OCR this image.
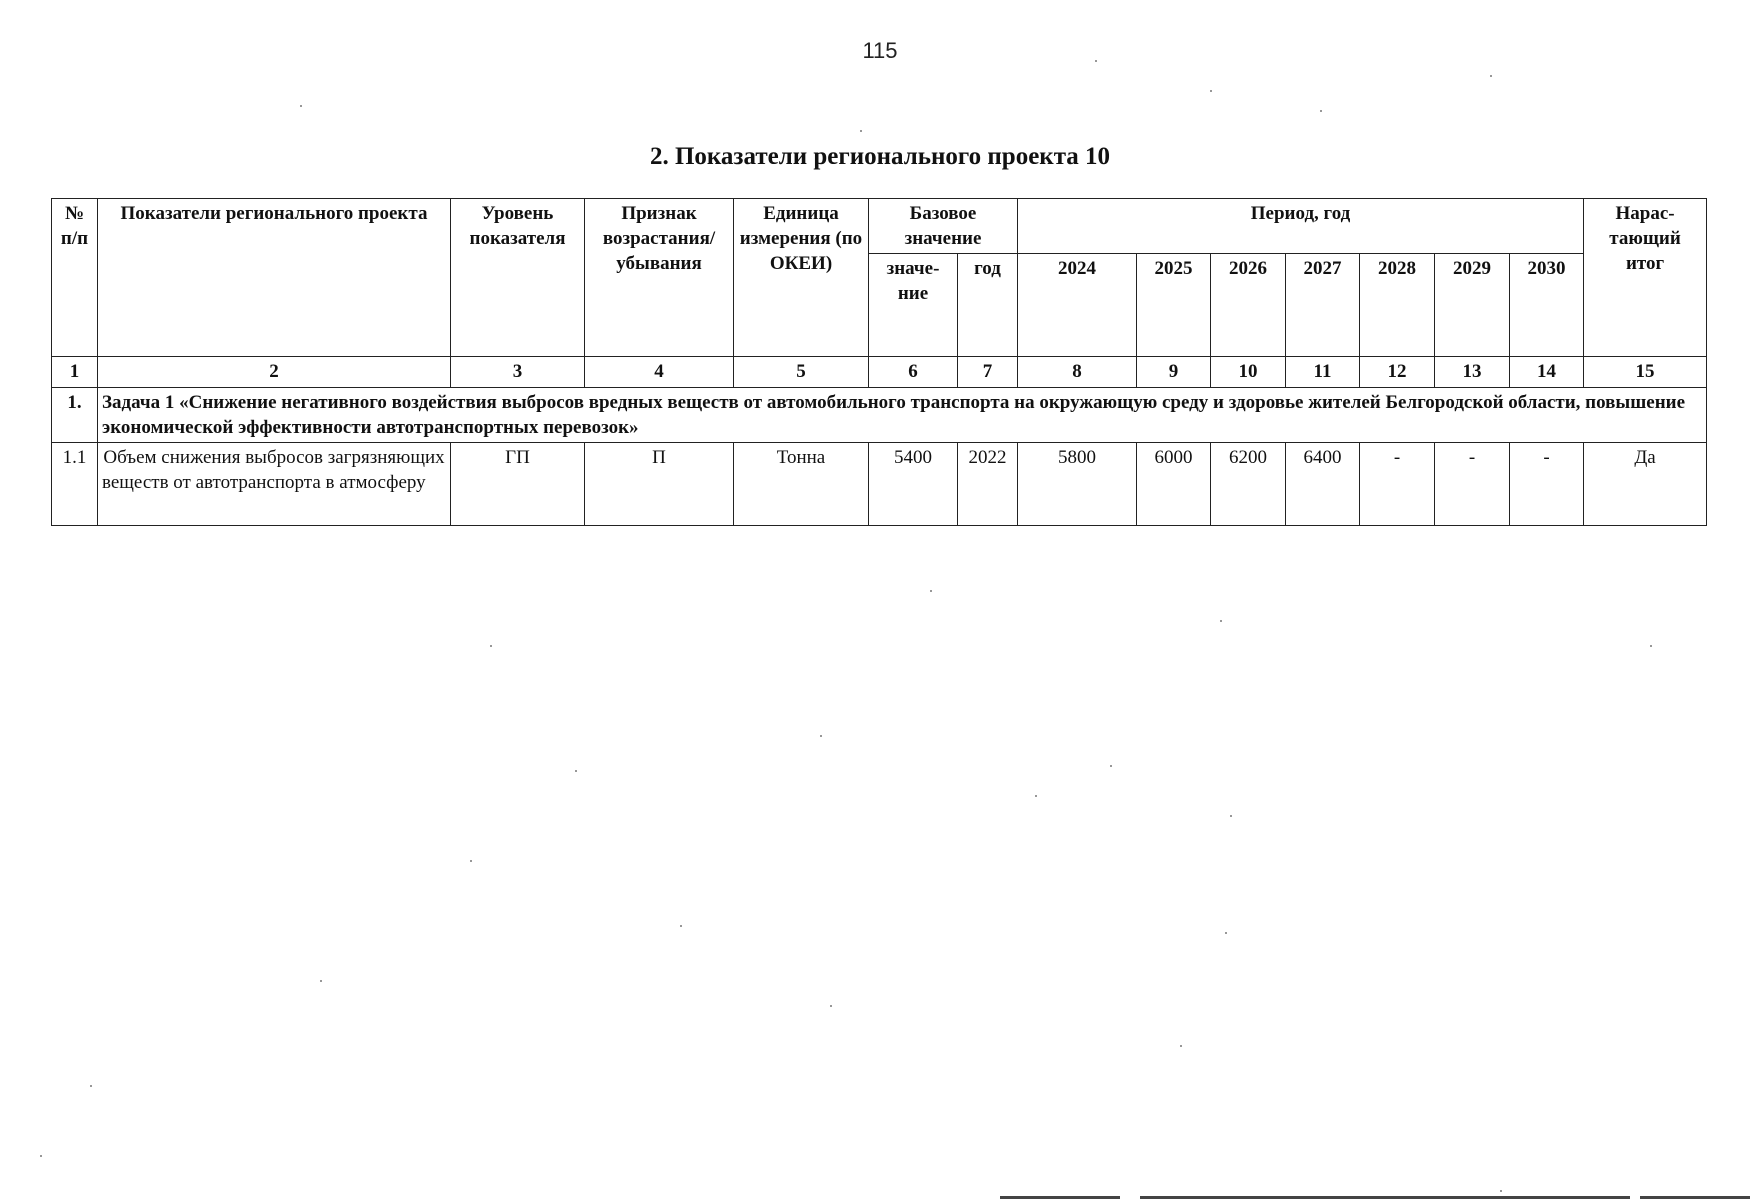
115
2. Показатели регионального проекта 10
№ п/п	Показатели регионального проекта	Уровень показателя	Признак возрастания/ убывания	Единица измерения (по ОКЕИ)	Базовое значение		Период, год							Нарас- тающий итог
					значе- ние	год	2024	2025	2026	2027	2028	2029	2030	
1	2	3	4	5	6	7	8	9	10	11	12	13	14	15
1.	Задача 1 «Снижение негативного воздействия выбросов вредных веществ от автомобильного транспорта на окружающую среду и здоровье жителей Белгородской области, повышение экономической эффективности автотранспортных перевозок»													
1.1	Объем снижения выбросов загрязняющих веществ от автотранспорта в атмосферу	ГП	П	Тонна	5400	2022	5800	6000	6200	6400	-	-	-	Да
